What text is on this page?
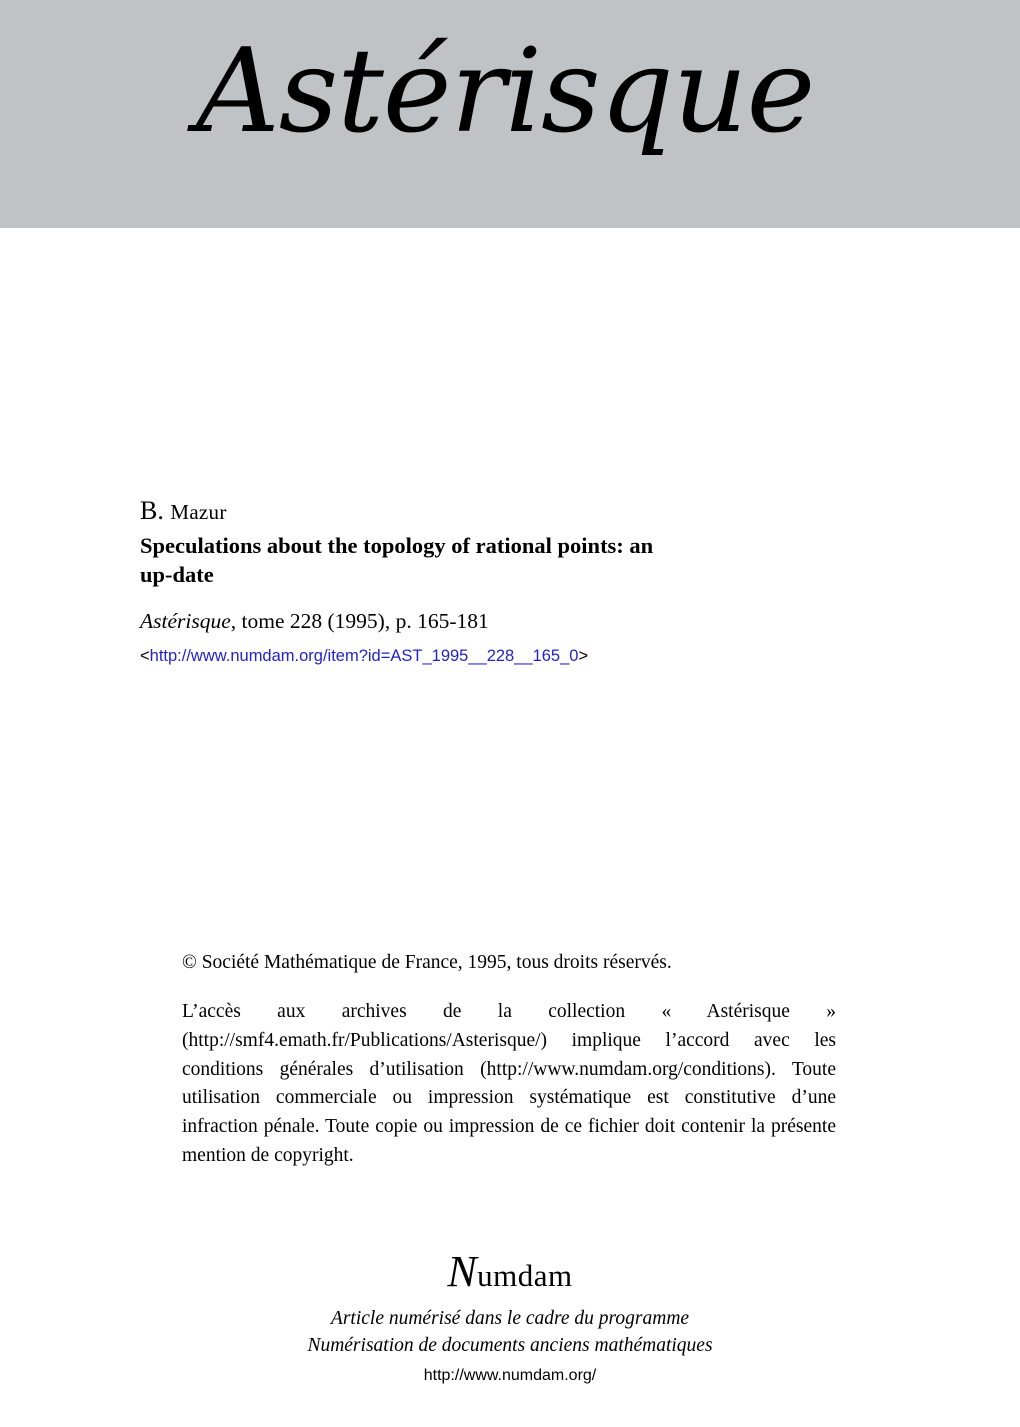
Astérisque

B. Mazur

Speculations about the topology of rational points: an up-date

Astérisque, tome 228 (1995), p. 165-181

<http://www.numdam.org/item?id=AST_1995__228__165_0>

© Société Mathématique de France, 1995, tous droits réservés.

L’accès aux archives de la collection « Astérisque » (http://smf4.emath.fr/Publications/Asterisque/) implique l’accord avec les conditions générales d’utilisation (http://www.numdam.org/conditions). Toute utilisation commerciale ou impression systématique est constitutive d’une infraction pénale. Toute copie ou impression de ce fichier doit contenir la présente mention de copyright.

Numdam

Article numérisé dans le cadre du programme

Numérisation de documents anciens mathématiques

http://www.numdam.org/
